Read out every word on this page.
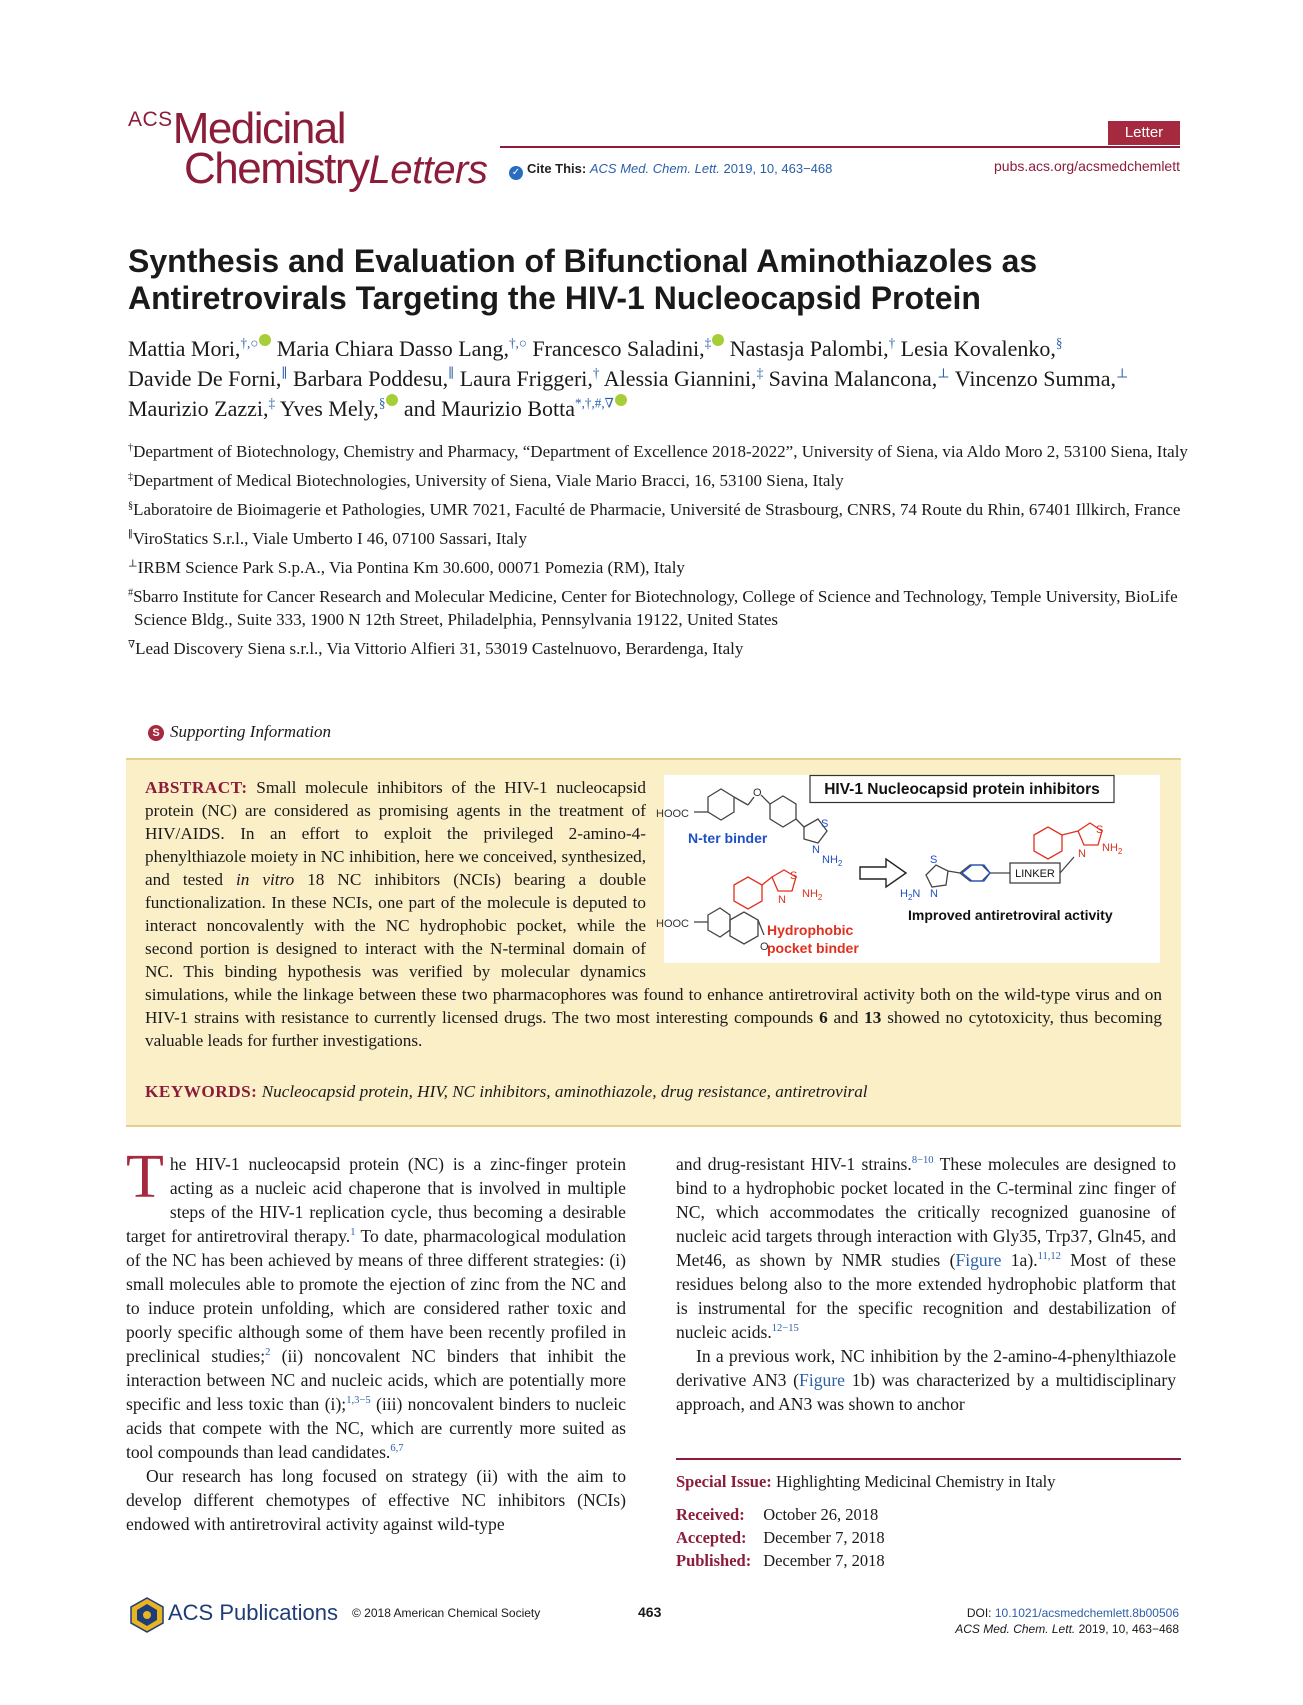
ACSMedicinal
ChemistryLetters
Letter
✓ Cite This: ACS Med. Chem. Lett. 2019, 10, 463−468	pubs.acs.org/acsmedchemlett
Synthesis and Evaluation of Bifunctional Aminothiazoles as
Antiretrovirals Targeting the HIV-1 Nucleocapsid Protein
Mattia Mori,†,○ Maria Chiara Dasso Lang,†,○ Francesco Saladini,‡ Nastasja Palombi,† Lesia Kovalenko,§ Davide De Forni,∥ Barbara Poddesu,∥ Laura Friggeri,† Alessia Giannini,‡ Savina Malancona,⊥ Vincenzo Summa,⊥ Maurizio Zazzi,‡ Yves Mely,§ and Maurizio Botta*,†,#,∇
†Department of Biotechnology, Chemistry and Pharmacy, “Department of Excellence 2018-2022”, University of Siena, via Aldo Moro 2, 53100 Siena, Italy
‡Department of Medical Biotechnologies, University of Siena, Viale Mario Bracci, 16, 53100 Siena, Italy
§Laboratoire de Bioimagerie et Pathologies, UMR 7021, Faculté de Pharmacie, Université de Strasbourg, CNRS, 74 Route du Rhin, 67401 Illkirch, France
∥ViroStatics S.r.l., Viale Umberto I 46, 07100 Sassari, Italy
⊥IRBM Science Park S.p.A., Via Pontina Km 30.600, 00071 Pomezia (RM), Italy
#Sbarro Institute for Cancer Research and Molecular Medicine, Center for Biotechnology, College of Science and Technology, Temple University, BioLife Science Bldg., Suite 333, 1900 N 12th Street, Philadelphia, Pennsylvania 19122, United States
∇Lead Discovery Siena s.r.l., Via Vittorio Alfieri 31, 53019 Castelnuovo, Berardenga, Italy
S Supporting Information
ABSTRACT: Small molecule inhibitors of the HIV-1 nucleocapsid protein (NC) are considered as promising agents in the treatment of HIV/AIDS. In an effort to exploit the privileged 2-amino-4-phenylthiazole moiety in NC inhibition, here we conceived, synthesized, and tested in vitro 18 NC inhibitors (NCIs) bearing a double functionalization. In these NCIs, one part of the molecule is deputed to interact noncovalently with the NC hydrophobic pocket, while the second portion is designed to interact with the N-terminal domain of NC. This binding hypothesis was verified by molecular dynamics simulations, while the linkage between these two pharmacophores was found to enhance antiretroviral activity both on the wild-type virus and on HIV-1 strains with resistance to currently licensed drugs. The two most interesting compounds 6 and 13 showed no cytotoxicity, thus becoming valuable leads for further investigations.
KEYWORDS: Nucleocapsid protein, HIV, NC inhibitors, aminothiazole, drug resistance, antiretroviral
HIV-1 Nucleocapsid protein inhibitors
HOOC
O
S
N
$NH_2$
N-ter binder
HOOC
O
S
N $NH_2$
Hydrophobic
pocket binder
LINKER
S
N $NH_2$
S
N
$H_2N$
Improved antiretroviral activity

The HIV-1 nucleocapsid protein (NC) is a zinc-finger protein acting as a nucleic acid chaperone that is involved in multiple steps of the HIV-1 replication cycle, thus becoming a desirable target for antiretroviral therapy.$^1$ To date, pharmacological modulation of the NC has been achieved by means of three different strategies: (i) small molecules able to promote the ejection of zinc from the NC and to induce protein unfolding, which are considered rather toxic and poorly specific although some of them have been recently profiled in preclinical studies;$^2$ (ii) noncovalent NC binders that inhibit the interaction between NC and nucleic acids, which are potentially more specific and less toxic than (i);$^{1,3-5}$ (iii) noncovalent binders to nucleic acids that compete with the NC, which are currently more suited as tool compounds than lead candidates.$^{6,7}$

Our research has long focused on strategy (ii) with the aim to develop different chemotypes of effective NC inhibitors (NCIs) endowed with antiretroviral activity against wild-type

and drug-resistant HIV-1 strains.$^{8-10}$ These molecules are designed to bind to a hydrophobic pocket located in the C-terminal zinc finger of NC, which accommodates the critically recognized guanosine of nucleic acid targets through interaction with Gly35, Trp37, Gln45, and Met46, as shown by NMR studies (Figure 1a).$^{11,12}$ Most of these residues belong also to the more extended hydrophobic platform that is instrumental for the specific recognition and destabilization of nucleic acids.$^{12-15}$

In a previous work, NC inhibition by the 2-amino-4-phenylthiazole derivative AN3 (Figure 1b) was characterized by a multidisciplinary approach, and AN3 was shown to anchor

Special Issue: Highlighting Medicinal Chemistry in Italy
Received:	October 26, 2018
Accepted:	December 7, 2018
Published:	December 7, 2018
ACS Publications © 2018 American Chemical Society	463	DOI: 10.1021/acsmedchemlett.8b00506
ACS Med. Chem. Lett. 2019, 10, 463−468
